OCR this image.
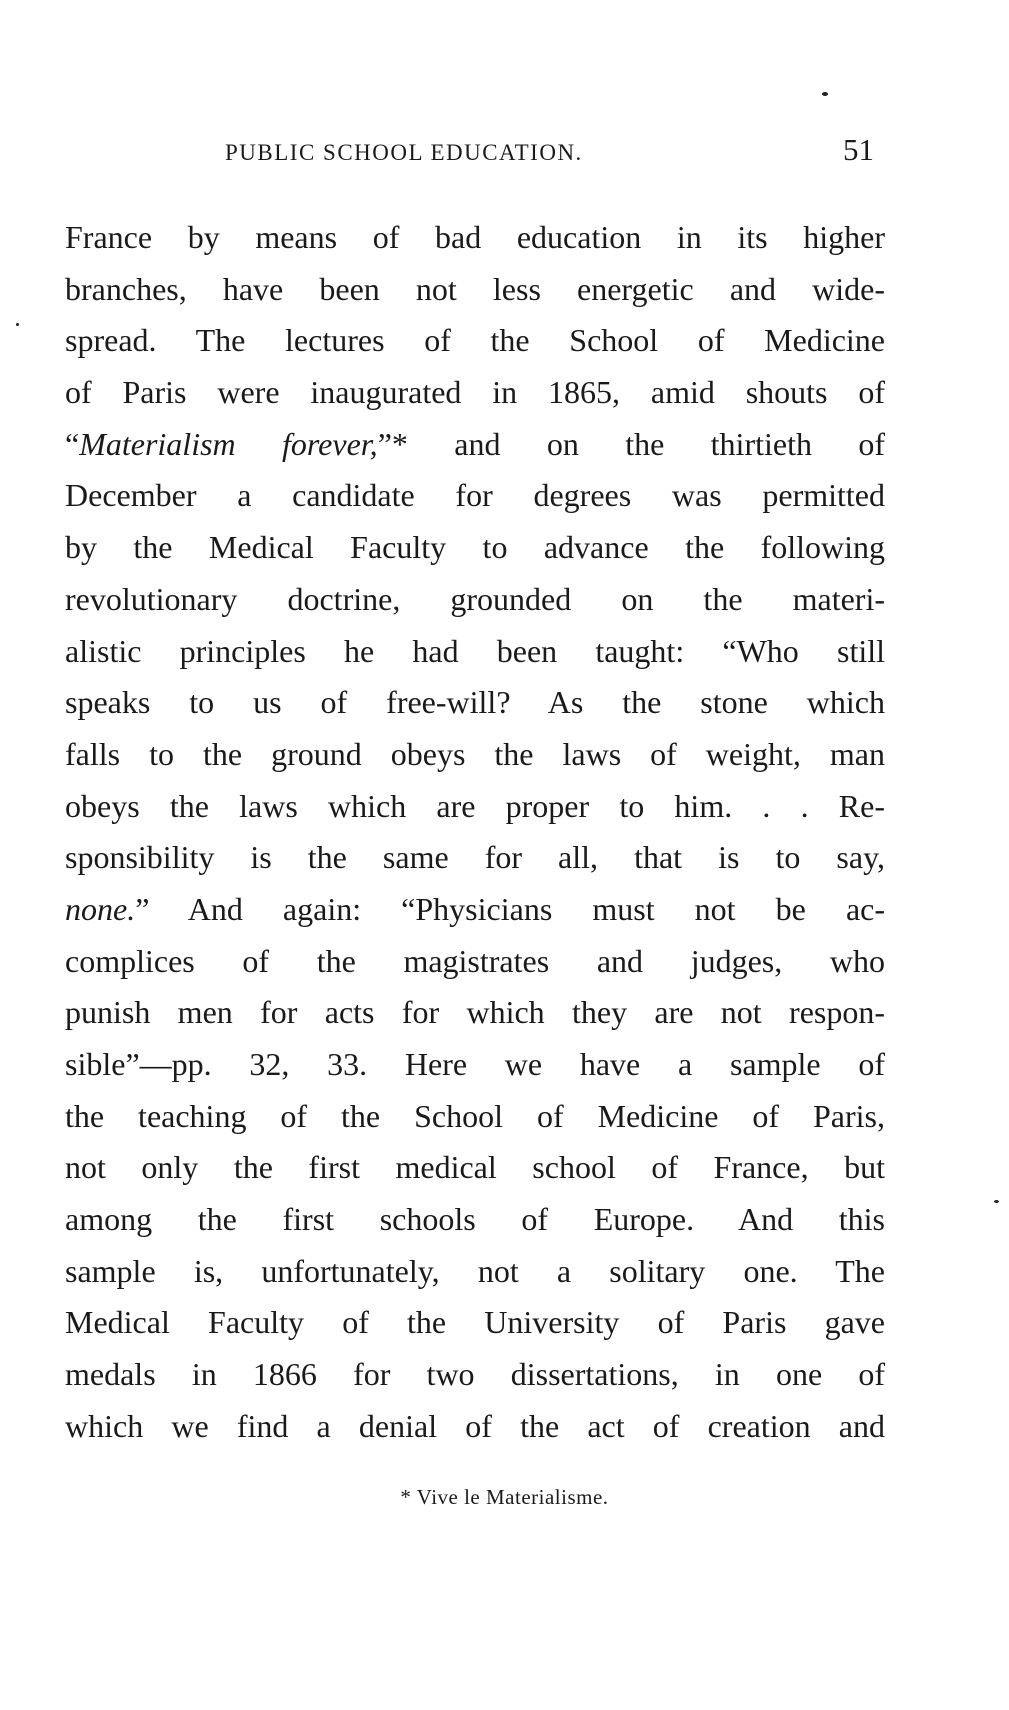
PUBLIC SCHOOL EDUCATION.	51
France by means of bad education in its higher
branches, have been not less energetic and wide-
spread. The lectures of the School of Medicine
of Paris were inaugurated in 1865, amid shouts of
“Materialism forever,”* and on the thirtieth of
December a candidate for degrees was permitted
by the Medical Faculty to advance the following
revolutionary doctrine, grounded on the materi-
alistic principles he had been taught: “Who still
speaks to us of free-will? As the stone which
falls to the ground obeys the laws of weight, man
obeys the laws which are proper to him. . . Re-
sponsibility is the same for all, that is to say,
none.” And again: “Physicians must not be ac-
complices of the magistrates and judges, who
punish men for acts for which they are not respon-
sible”—pp. 32, 33. Here we have a sample of
the teaching of the School of Medicine of Paris,
not only the first medical school of France, but
among the first schools of Europe. And this
sample is, unfortunately, not a solitary one. The
Medical Faculty of the University of Paris gave
medals in 1866 for two dissertations, in one of
which we find a denial of the act of creation and
* Vive le Materialisme.
